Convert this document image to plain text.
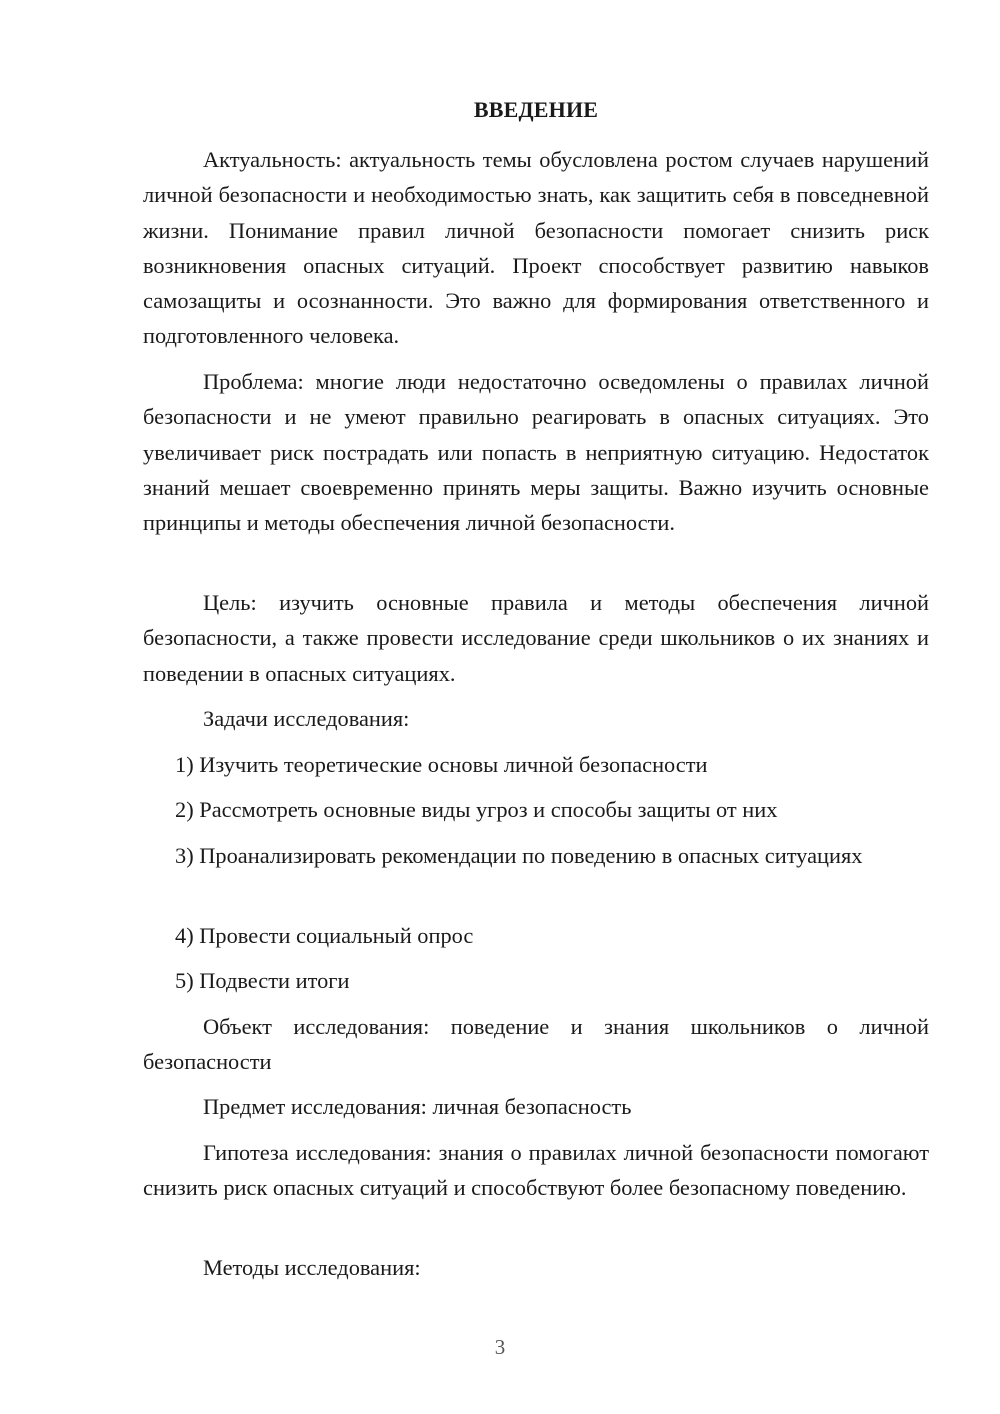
ВВЕДЕНИЕ

Актуальность: актуальность темы обусловлена ростом случаев нарушений личной безопасности и необходимостью знать, как защитить себя в повседневной жизни. Понимание правил личной безопасности помогает снизить риск возникновения опасных ситуаций. Проект способствует развитию навыков самозащиты и осознанности. Это важно для формирования ответственного и подготовленного человека.

Проблема: многие люди недостаточно осведомлены о правилах личной безопасности и не умеют правильно реагировать в опасных ситуациях. Это увеличивает риск пострадать или попасть в неприятную ситуацию. Недостаток знаний мешает своевременно принять меры защиты. Важно изучить основные принципы и методы обеспечения личной безопасности.

Цель: изучить основные правила и методы обеспечения личной безопасности, а также провести исследование среди школьников о их знаниях и поведении в опасных ситуациях.

Задачи исследования:

1) Изучить теоретические основы личной безопасности

2) Рассмотреть основные виды угроз и способы защиты от них

3) Проанализировать рекомендации по поведению в опасных ситуациях

4) Провести социальный опрос

5) Подвести итоги

Объект исследования: поведение и знания школьников о личной безопасности

Предмет исследования: личная безопасность

Гипотеза исследования: знания о правилах личной безопасности помогают снизить риск опасных ситуаций и способствуют более безопасному поведению.

Методы исследования:

3
